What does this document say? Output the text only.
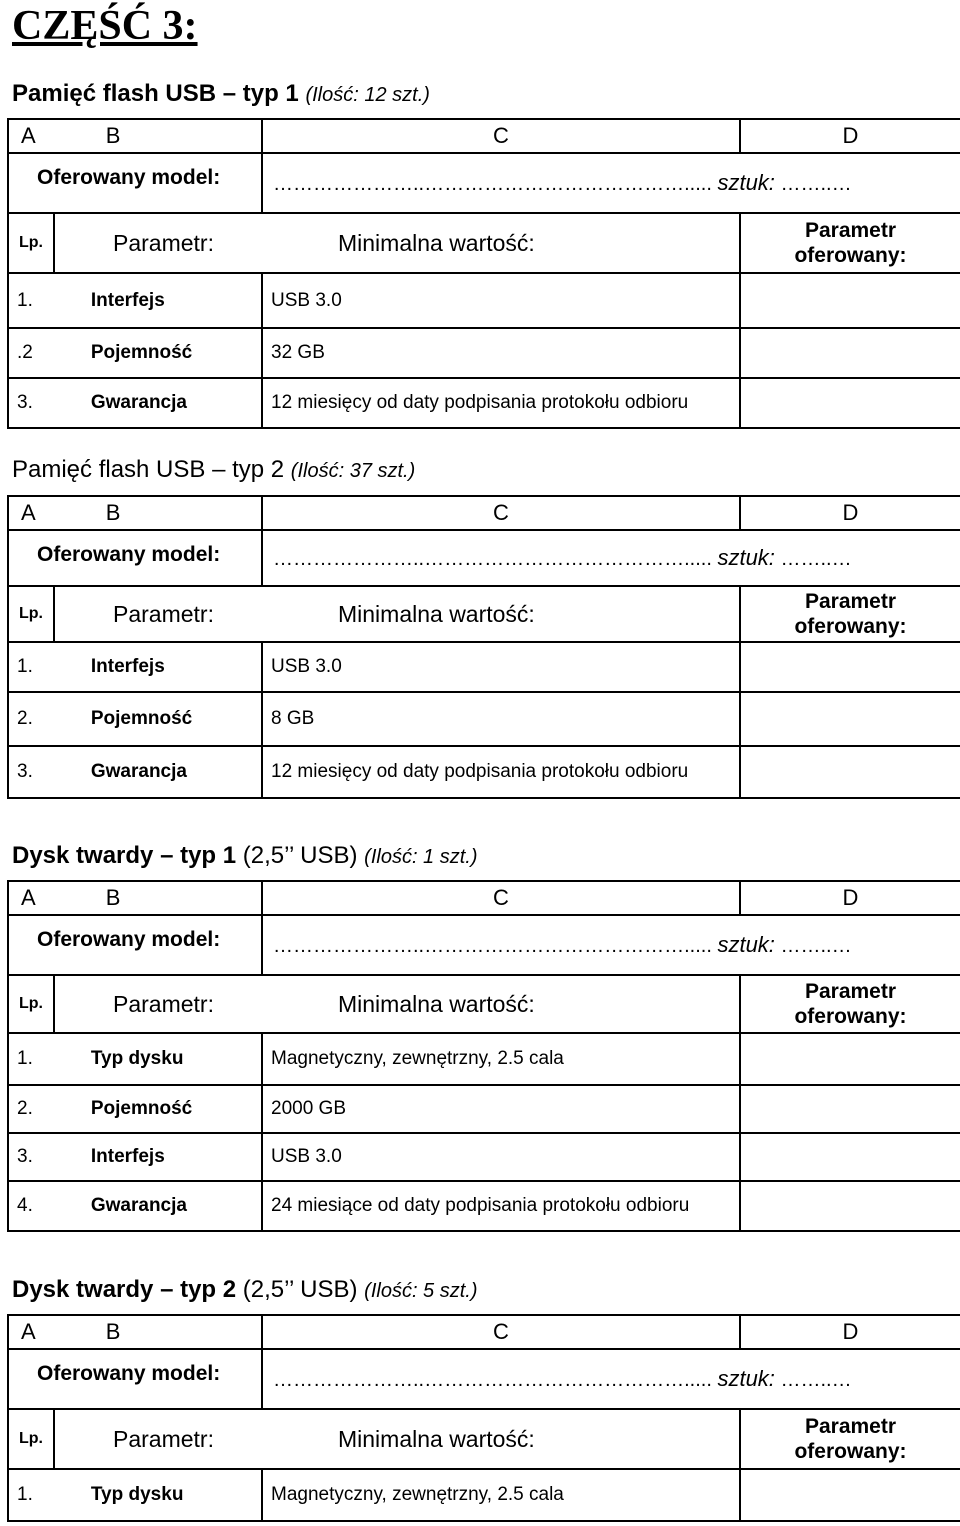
CZĘŚĆ 3:
Pamięć flash USB – typ 1 (Ilość: 12 szt.)
A B		C	D
Oferowany model:		…………………..…………………………………..... sztuk: ……..…	
Lp.	Parametr: Minimalna wartość:		Parametr
oferowany:
1. Interfejs		USB 3.0	
.2 Pojemność		32 GB	
3. Gwarancja		12 miesięcy od daty podpisania protokołu odbioru	
Pamięć flash USB – typ 2 (Ilość: 37 szt.)
A B		C	D
Oferowany model:		…………………..…………………………………..... sztuk: ……..…	
Lp.	Parametr: Minimalna wartość:		Parametr
oferowany:
1. Interfejs		USB 3.0	
2. Pojemność		8 GB	
3. Gwarancja		12 miesięcy od daty podpisania protokołu odbioru	
Dysk twardy – typ 1 (2,5’’ USB) (Ilość: 1 szt.)
A B		C	D
Oferowany model:		…………………..…………………………………..... sztuk: ……..…	
Lp.	Parametr: Minimalna wartość:		Parametr
oferowany:
1. Typ dysku		Magnetyczny, zewnętrzny, 2.5 cala	
2. Pojemność		2000 GB	
3. Interfejs		USB 3.0	
4. Gwarancja		24 miesiące od daty podpisania protokołu odbioru	
Dysk twardy – typ 2 (2,5’’ USB) (Ilość: 5 szt.)
A B		C	D
Oferowany model:		…………………..…………………………………..... sztuk: ……..…	
Lp.	Parametr: Minimalna wartość:		Parametr
oferowany:
1. Typ dysku		Magnetyczny, zewnętrzny, 2.5 cala	
